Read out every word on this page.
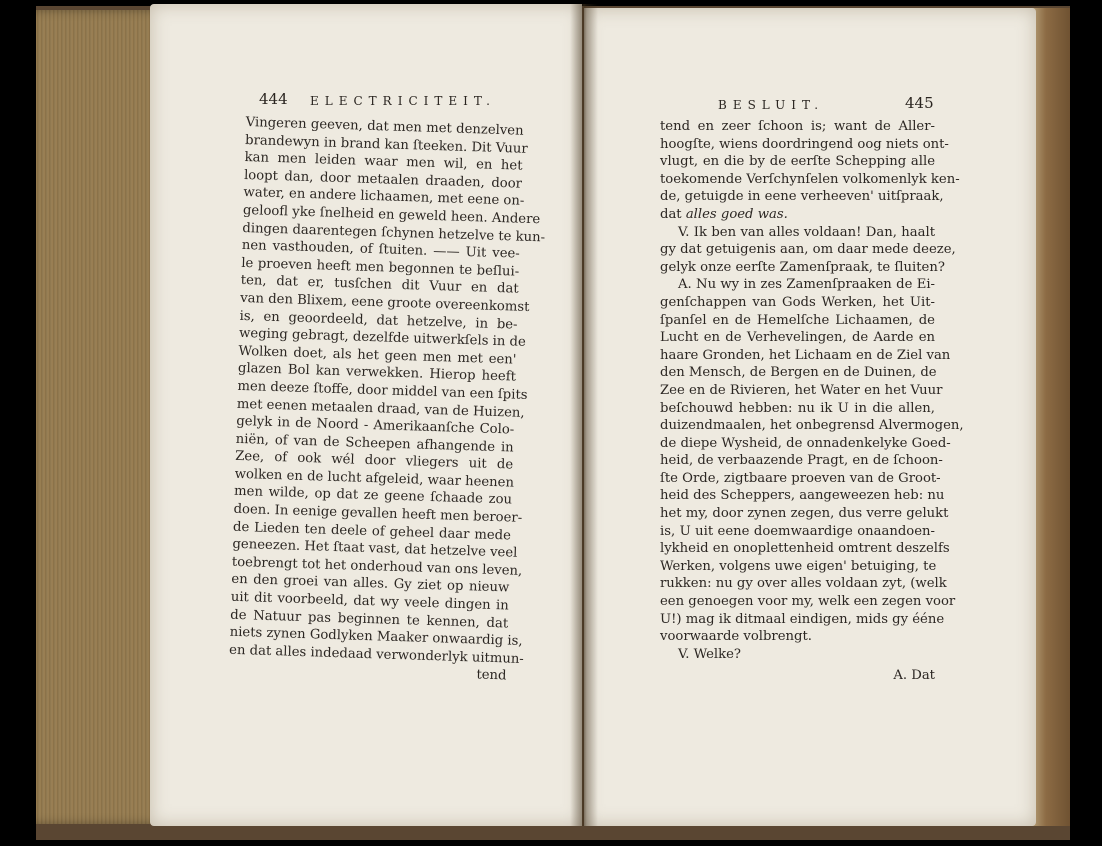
444 ELECTRICITEIT.	BESLUIT.	445
Vingeren geeven, dat men met denzelven
brandewyn in brand kan ſteeken. Dit Vuur
kan men leiden waar men wil, en het
loopt dan, door metaalen draaden, door
water, en andere lichaamen, met eene on-
geloofl yke ſnelheid en geweld heen. Andere
dingen daarentegen ſchynen hetzelve te kun-
nen vasthouden, of ſtuiten. —— Uit vee-
le proeven heeft men begonnen te beſlui-
ten, dat er, tusſchen dit Vuur en dat
van den Blixem, eene groote overeenkomst
is, en geoordeeld, dat hetzelve, in be-
weging gebragt, dezelfde uitwerkſels in de
Wolken doet, als het geen men met een'
glazen Bol kan verwekken. Hierop heeft
men deeze ſtoffe, door middel van een ſpits
met eenen metaalen draad, van de Huizen,
gelyk in de Noord - Amerikaanſche Colo-
niën, of van de Scheepen afhangende in
Zee, of ook wél door vliegers uit de
wolken en de lucht afgeleid, waar heenen
men wilde, op dat ze geene ſchaade zou
doen. In eenige gevallen heeft men beroer-
de Lieden ten deele of geheel daar mede
geneezen. Het ſtaat vast, dat hetzelve veel
toebrengt tot het onderhoud van ons leven,
en den groei van alles. Gy ziet op nieuw
uit dit voorbeeld, dat wy veele dingen in
de Natuur pas beginnen te kennen, dat
niets zynen Godlyken Maaker onwaardig is,
en dat alles indedaad verwonderlyk uitmun-
tend
tend en zeer ſchoon is; want de Aller-
hoogſte, wiens doordringend oog niets ont-
vlugt, en die by de eerſte Schepping alle
toekomende Verſchynſelen volkomenlyk ken-
de, getuigde in eene verheeven' uitſpraak,
dat alles goed was.
V. Ik ben van alles voldaan! Dan, haalt
gy dat getuigenis aan, om daar mede deeze,
gelyk onze eerſte Zamenſpraak, te ſluiten?
A. Nu wy in zes Zamenſpraaken de Ei-
genſchappen van Gods Werken, het Uit-
ſpanſel en de Hemelſche Lichaamen, de
Lucht en de Verhevelingen, de Aarde en
haare Gronden, het Lichaam en de Ziel van
den Mensch, de Bergen en de Duinen, de
Zee en de Rivieren, het Water en het Vuur
beſchouwd hebben: nu ik U in die allen,
duizendmaalen, het onbegrensd Alvermogen,
de diepe Wysheid, de onnadenkelyke Goed-
heid, de verbaazende Pragt, en de ſchoon-
ſte Orde, zigtbaare proeven van de Groot-
heid des Scheppers, aangeweezen heb: nu
het my, door zynen zegen, dus verre gelukt
is, U uit eene doemwaardige onaandoen-
lykheid en onoplettenheid omtrent deszelfs
Werken, volgens uwe eigen' betuiging, te
rukken: nu gy over alles voldaan zyt, (welk
een genoegen voor my, welk een zegen voor
U!) mag ik ditmaal eindigen, mids gy ééne
voorwaarde volbrengt.
V. Welke?
A. Dat
